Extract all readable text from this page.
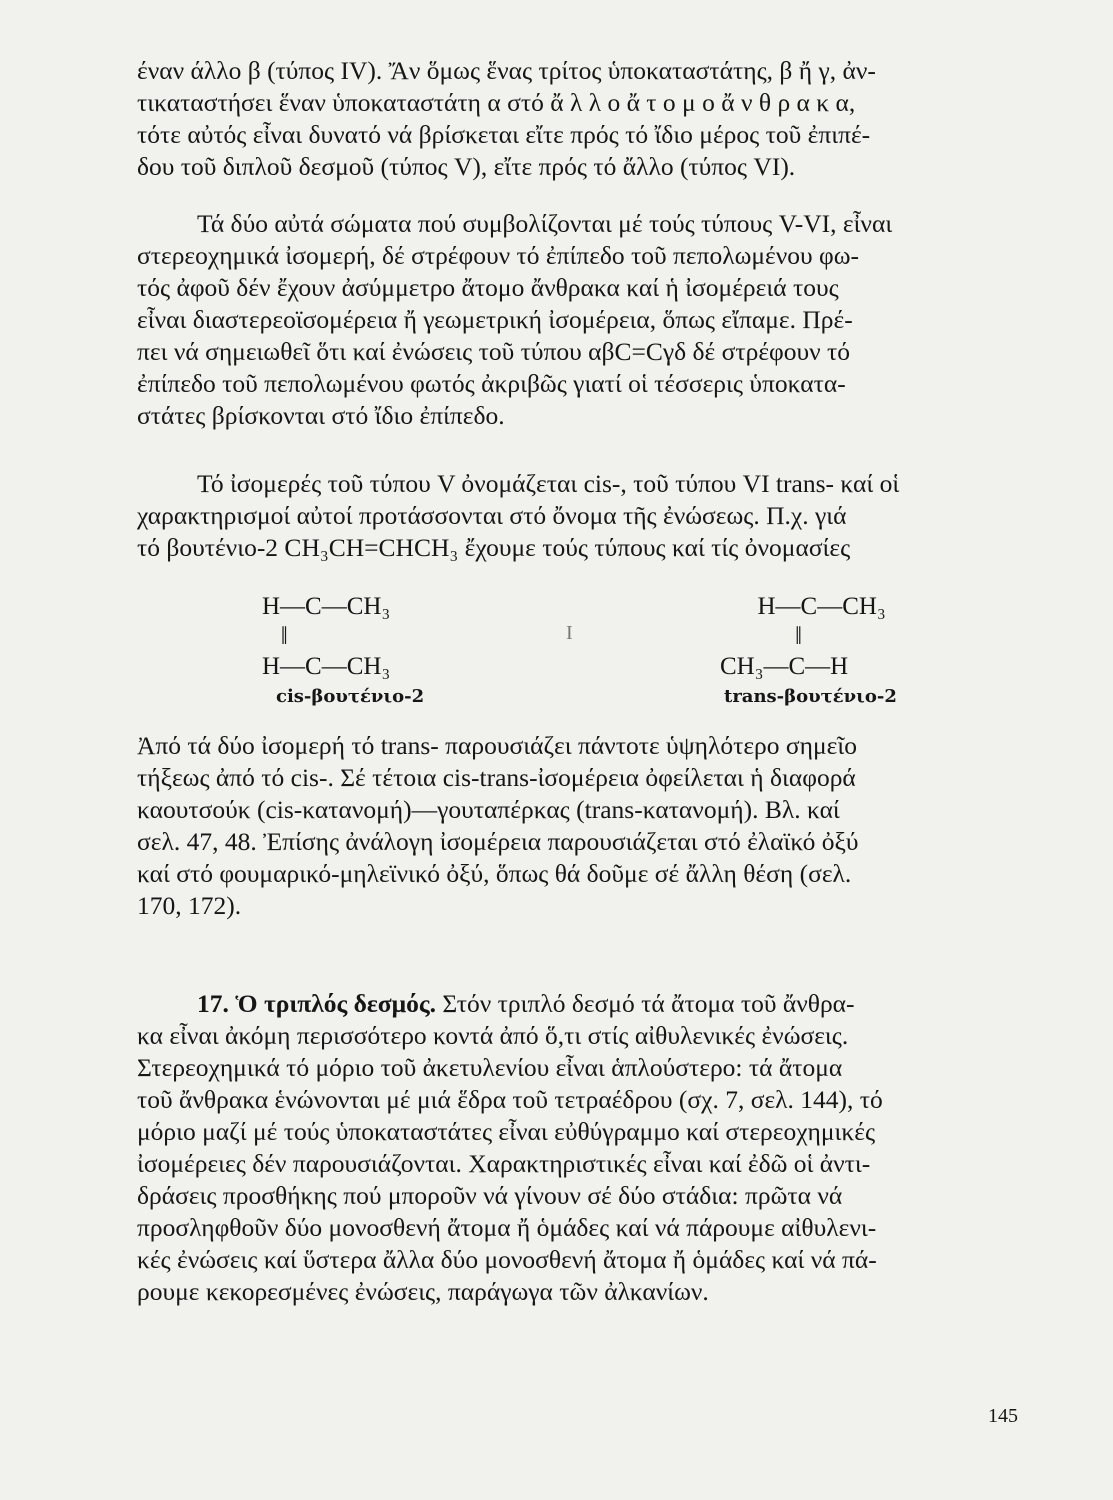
έναν άλλο β (τύπος IV). Ἄν ὅμως ἕνας τρίτος ὑποκαταστάτης, β ἤ γ, ἀν-
τικαταστήσει ἕναν ὑποκαταστάτη α στό ἄ λ λ ο ἄ τ ο μ ο ἄ ν θ ρ α κ α,
τότε αὐτός εἶναι δυνατό νά βρίσκεται εἴτε πρός τό ἴδιο μέρος τοῦ ἐπιπέ-
δου τοῦ διπλοῦ δεσμοῦ (τύπος V), εἴτε πρός τό ἄλλο (τύπος VI).
Τά δύο αὐτά σώματα πού συμβολίζονται μέ τούς τύπους V-VI, εἶναι
στερεοχημικά ἰσομερή, δέ στρέφουν τό ἐπίπεδο τοῦ πεπολωμένου φω-
τός ἀφοῦ δέν ἔχουν ἀσύμμετρο ἄτομο ἄνθρακα καί ἡ ἰσομέρειά τους
εἶναι διαστερεοϊσομέρεια ἤ γεωμετρική ἰσομέρεια, ὅπως εἴπαμε. Πρέ-
πει νά σημειωθεῖ ὅτι καί ἐνώσεις τοῦ τύπου αβC=Cγδ δέ στρέφουν τό
ἐπίπεδο τοῦ πεπολωμένου φωτός ἀκριβῶς γιατί οἱ τέσσερις ὑποκατα-
στάτες βρίσκονται στό ἴδιο ἐπίπεδο.
Τό ἰσομερές τοῦ τύπου V ὀνομάζεται cis-, τοῦ τύπου VI trans- καί οἱ
χαρακτηρισμοί αὐτοί προτάσσονται στό ὄνομα τῆς ἐνώσεως. Π.χ. γιά
τό βουτένιο-2 CH₃CH=CHCH₃ ἔχουμε τούς τύπους καί τίς ὀνομασίες
H—C—CH₃
‖
H—C—CH₃
cis-βουτένιο-2
I
H—C—CH₃
‖
CH₃—C—H
trans-βουτένιο-2
Ἀπό τά δύο ἰσομερή τό trans- παρουσιάζει πάντοτε ὑψηλότερο σημεῖο
τήξεως ἀπό τό cis-. Σέ τέτοια cis-trans-ἰσομέρεια ὀφείλεται ἡ διαφορά
καουτσούκ (cis-κατανομή)—γουταπέρκας (trans-κατανομή). Βλ. καί
σελ. 47, 48. Ἐπίσης ἀνάλογη ἰσομέρεια παρουσιάζεται στό ἐλαϊκό ὀξύ
καί στό φουμαρικό-μηλεϊνικό ὀξύ, ὅπως θά δοῦμε σέ ἄλλη θέση (σελ.
170, 172).
17. Ὁ τριπλός δεσμός. Στόν τριπλό δεσμό τά ἄτομα τοῦ ἄνθρα-
κα εἶναι ἀκόμη περισσότερο κοντά ἀπό ὅ,τι στίς αἰθυλενικές ἐνώσεις.
Στερεοχημικά τό μόριο τοῦ ἀκετυλενίου εἶναι ἁπλούστερο: τά ἄτομα
τοῦ ἄνθρακα ἑνώνονται μέ μιά ἕδρα τοῦ τετραέδρου (σχ. 7, σελ. 144), τό
μόριο μαζί μέ τούς ὑποκαταστάτες εἶναι εὐθύγραμμο καί στερεοχημικές
ἰσομέρειες δέν παρουσιάζονται. Χαρακτηριστικές εἶναι καί ἐδῶ οἱ ἀντι-
δράσεις προσθήκης πού μποροῦν νά γίνουν σέ δύο στάδια: πρῶτα νά
προσληφθοῦν δύο μονοσθενή ἄτομα ἤ ὁμάδες καί νά πάρουμε αἰθυλενι-
κές ἐνώσεις καί ὕστερα ἄλλα δύο μονοσθενή ἄτομα ἤ ὁμάδες καί νά πά-
ρουμε κεκορεσμένες ἐνώσεις, παράγωγα τῶν ἀλκανίων.
145
